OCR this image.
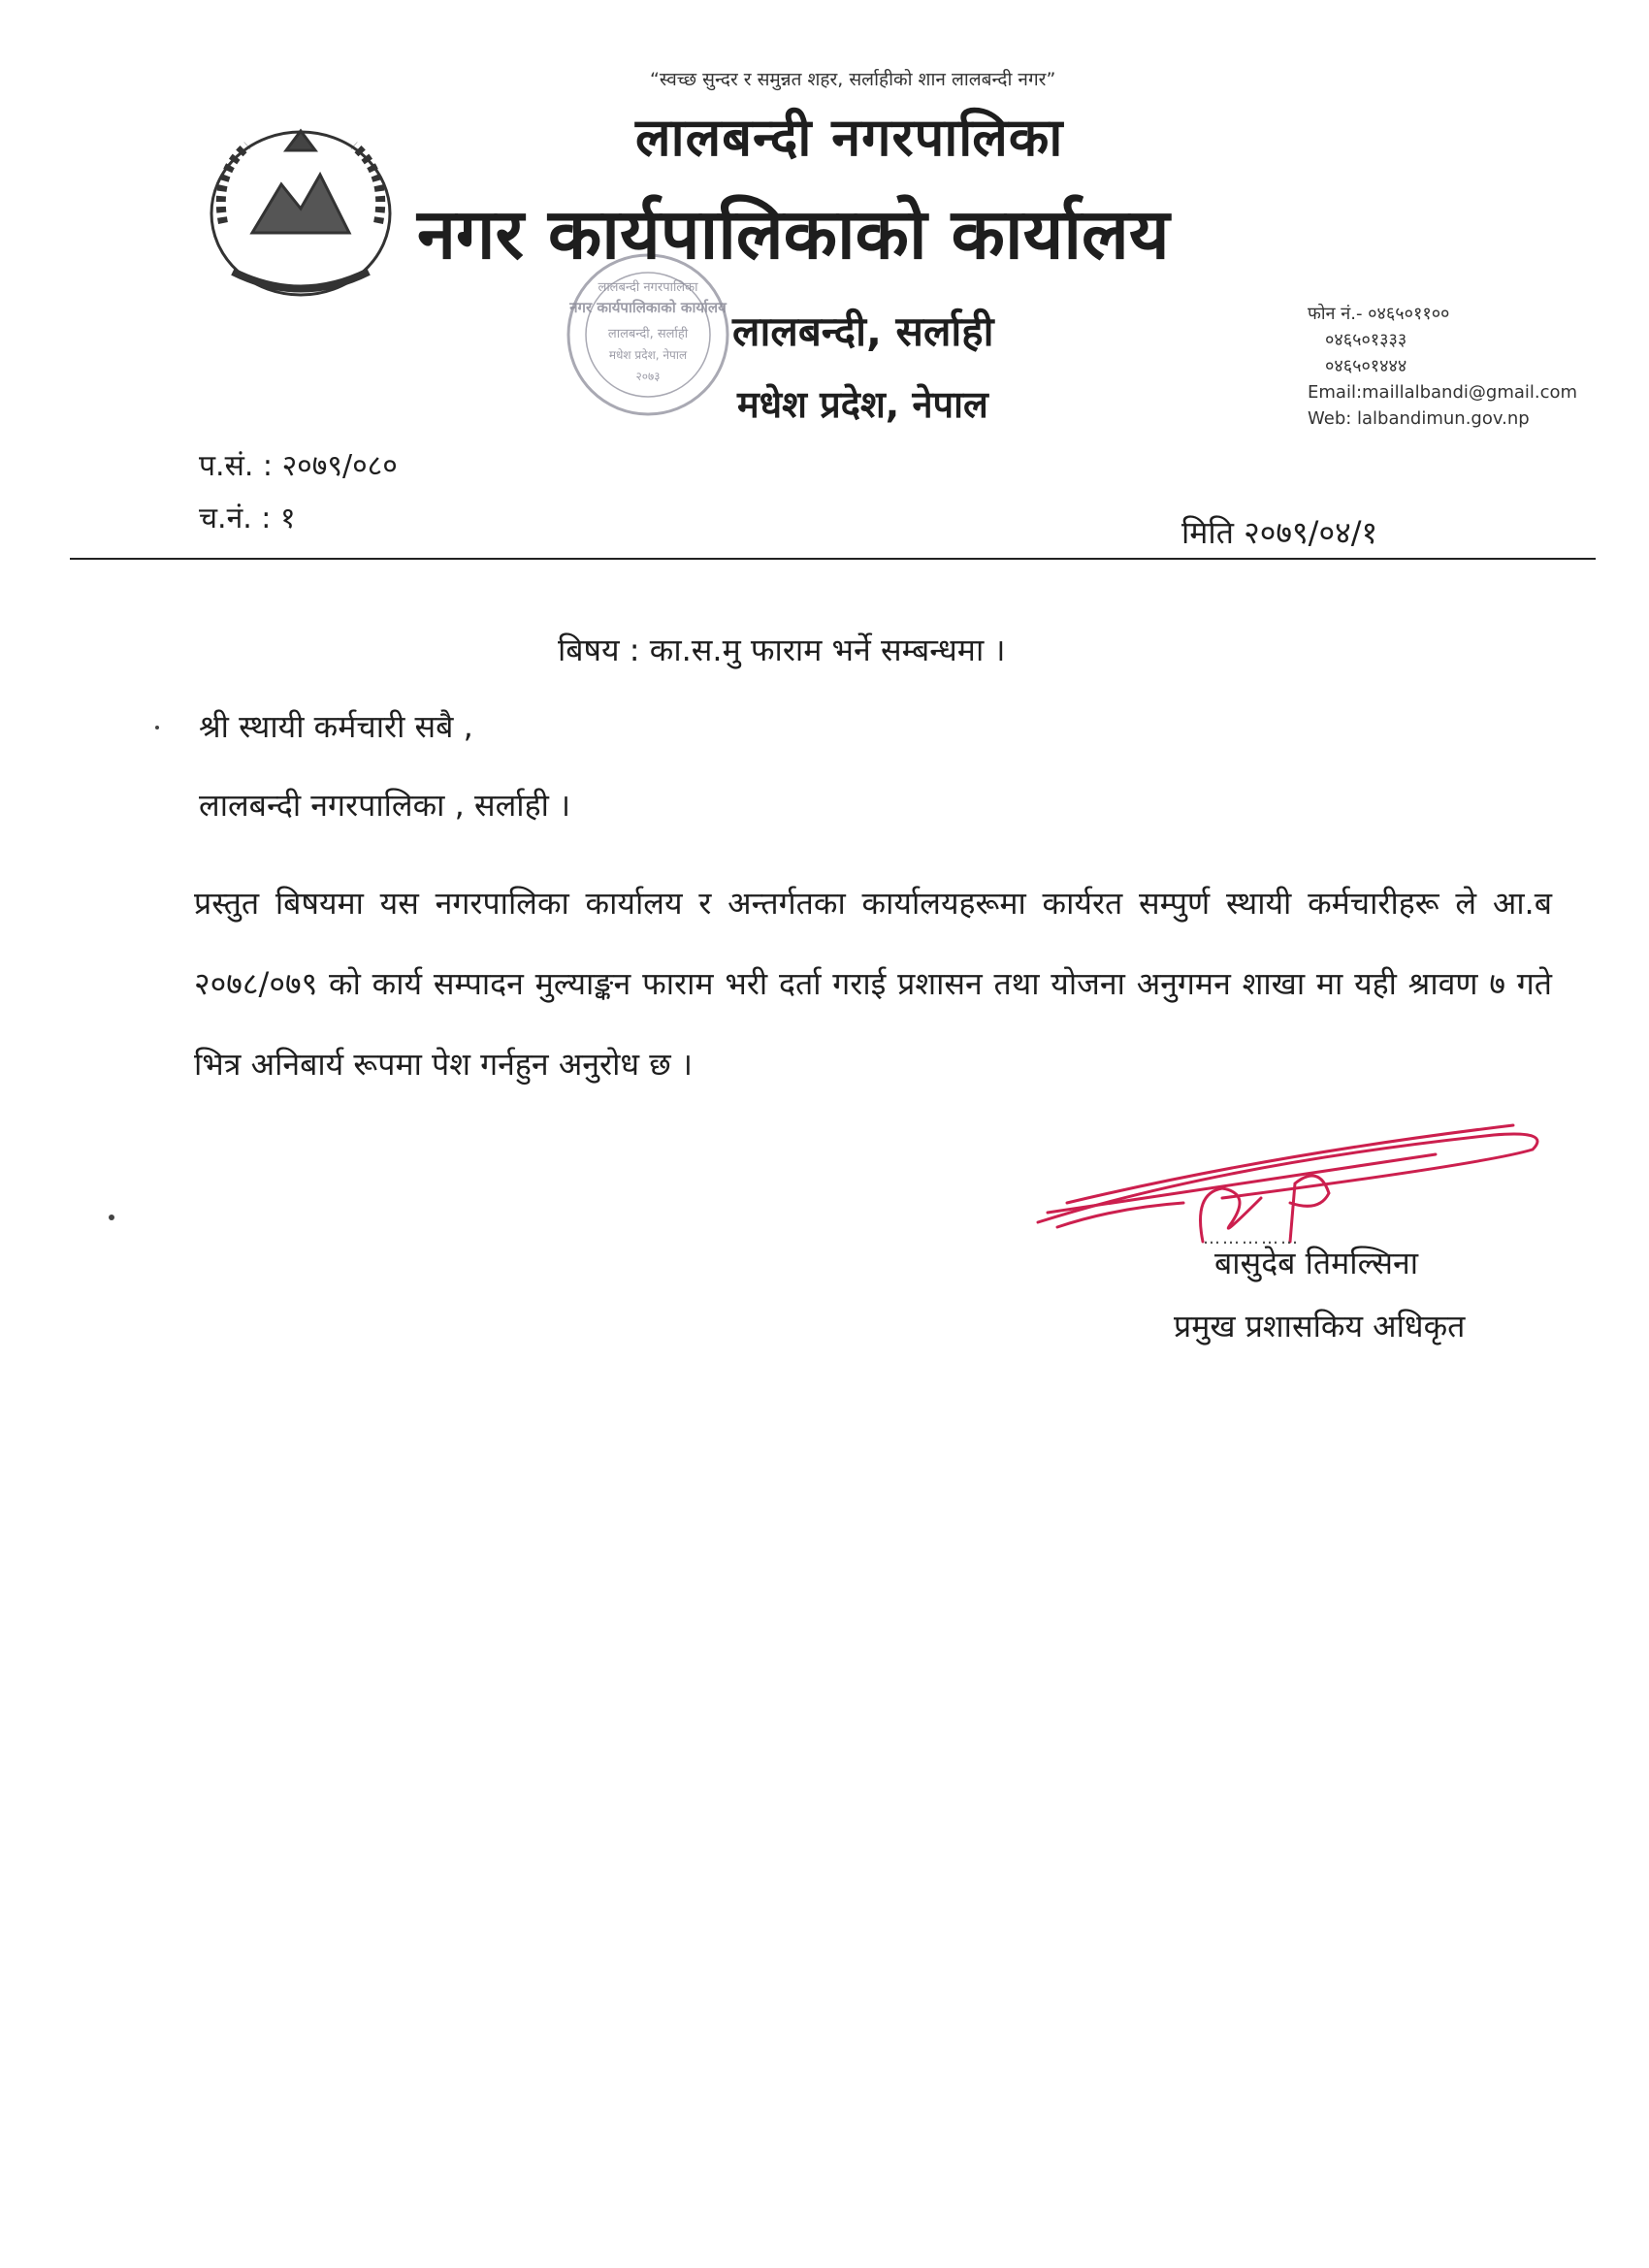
लालबन्दी नगरपालिका
नगर कार्यपालिकाको कार्यालय
लालबन्दी, सर्लाही
मधेश प्रदेश, नेपाल
२०७३
“स्वच्छ सुन्दर र समुन्नत शहर, सर्लाहीको शान लालबन्दी नगर”
लालबन्दी नगरपालिका
नगर कार्यपालिकाको कार्यालय
लालबन्दी, सर्लाही
मधेश प्रदेश, नेपाल
फोन नं.- ०४६५०११००
०४६५०१३३३
०४६५०१४४४
Email:maillalbandi@gmail.com
Web: lalbandimun.gov.np
प.सं. : २०७९/०८०
च.नं. : १	मिति २०७९/०४/१
बिषय : का.स.मु फाराम भर्ने सम्बन्धमा ।
श्री स्थायी कर्मचारी सबै ,
लालबन्दी नगरपालिका , सर्लाही ।
प्रस्तुत बिषयमा यस नगरपालिका कार्यालय र अन्तर्गतका कार्यालयहरूमा कार्यरत सम्पुर्ण स्थायी कर्मचारीहरू ले आ.ब २०७८/०७९ को कार्य सम्पादन मुल्याङ्कन फाराम भरी दर्ता गराई प्रशासन तथा योजना अनुगमन शाखा मा यही श्रावण ७ गते भित्र अनिबार्य रूपमा पेश गर्नहुन अनुरोध छ ।
……………
बासुदेब तिमल्सिना
प्रमुख प्रशासकिय अधिकृत
